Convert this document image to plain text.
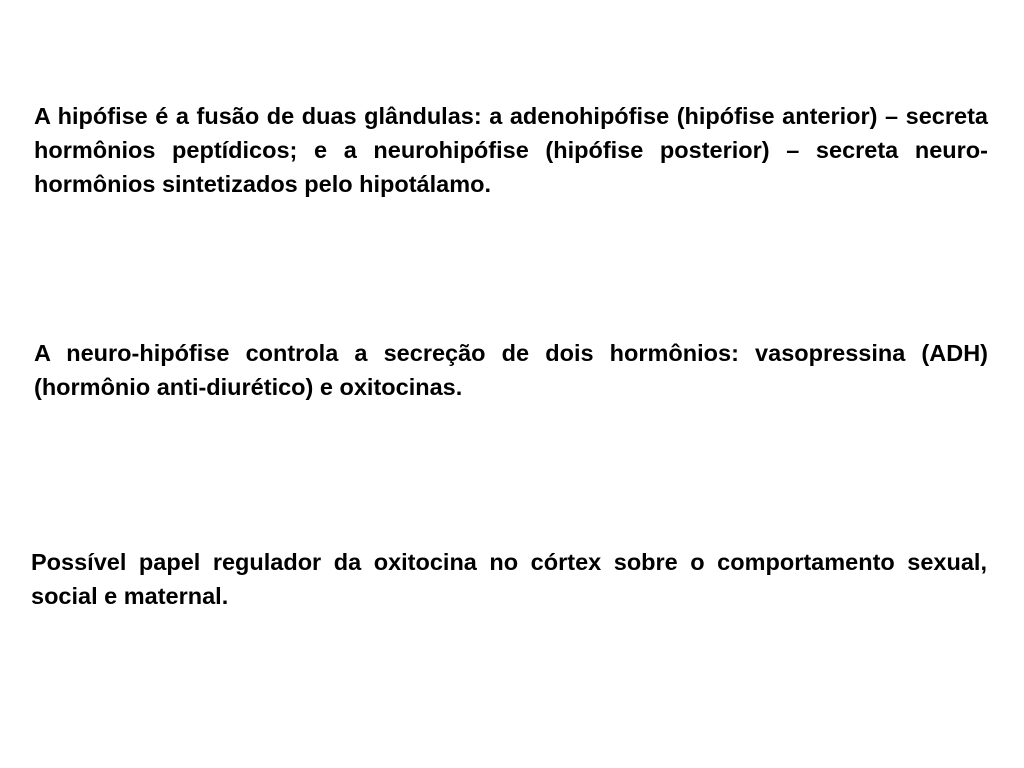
A hipófise é a fusão de duas glândulas: a adenohipófise (hipófise anterior) – secreta hormônios peptídicos; e a neurohipófise (hipófise posterior) – secreta neuro-hormônios sintetizados pelo hipotálamo.

A neuro-hipófise controla a secreção de dois hormônios: vasopressina (ADH) (hormônio anti-diurético) e oxitocinas.

Possível papel regulador da oxitocina no córtex sobre o comportamento sexual, social e maternal.
